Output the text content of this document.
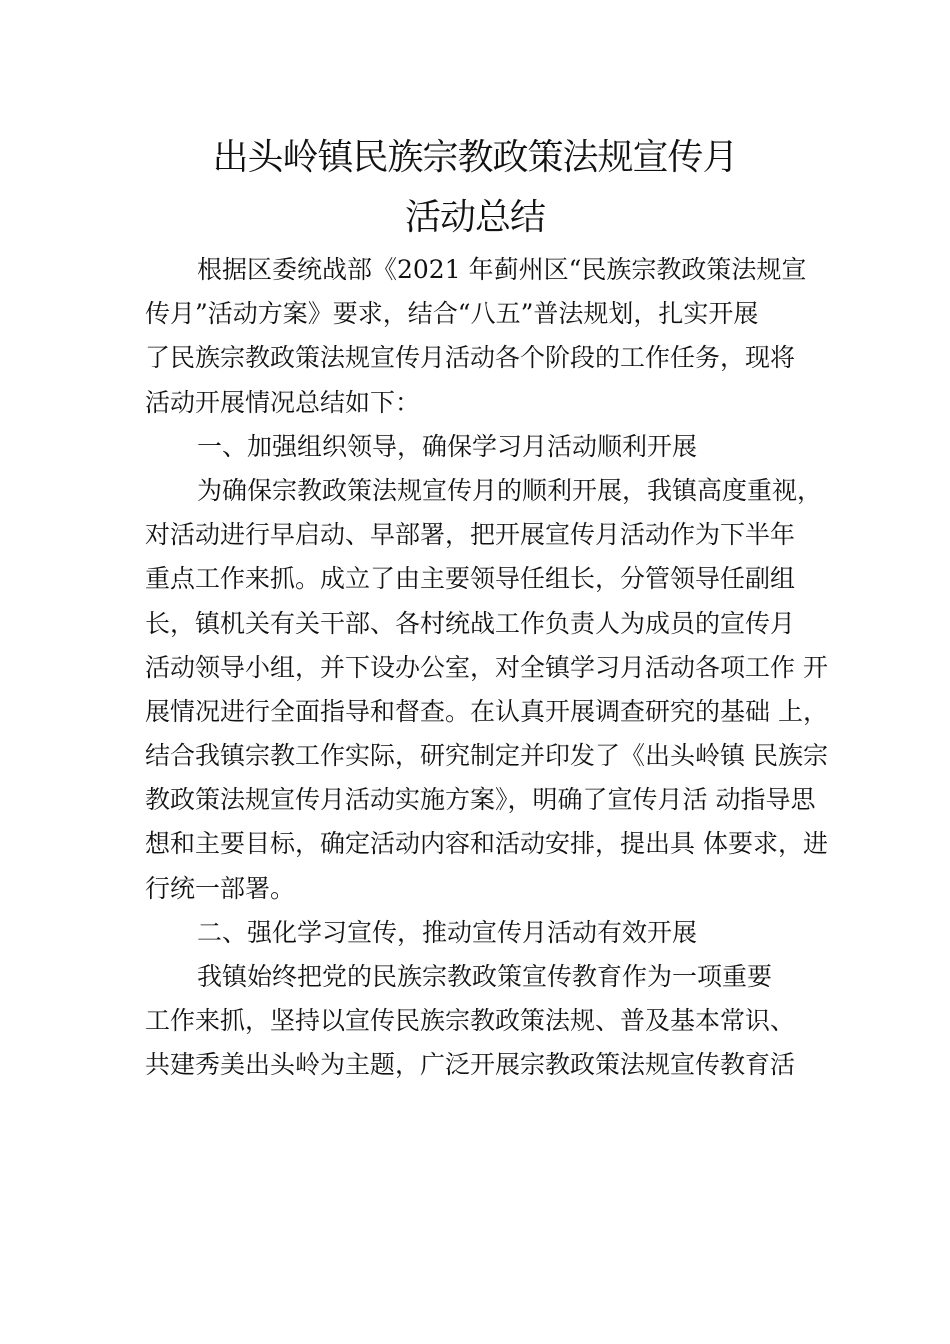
出头岭镇民族宗教政策法规宣传月
活动总结
根据区委统战部《2021 年蓟州区“民族宗教政策法规宣
传月”活动方案》要求，结合“八五”普法规划，扎实开展
了民族宗教政策法规宣传月活动各个阶段的工作任务，现将
活动开展情况总结如下：
一、加强组织领导，确保学习月活动顺利开展
为确保宗教政策法规宣传月的顺利开展，我镇高度重视，
对活动进行早启动、早部署，把开展宣传月活动作为下半年
重点工作来抓。成立了由主要领导任组长，分管领导任副组
长，镇机关有关干部、各村统战工作负责人为成员的宣传月
活动领导小组，并下设办公室，对全镇学习月活动各项工作 开
展情况进行全面指导和督查。在认真开展调查研究的基础 上，
结合我镇宗教工作实际，研究制定并印发了《出头岭镇 民族宗
教政策法规宣传月活动实施方案》，明确了宣传月活 动指导思
想和主要目标，确定活动内容和活动安排，提出具 体要求，进
行统一部署。
二、强化学习宣传，推动宣传月活动有效开展
我镇始终把党的民族宗教政策宣传教育作为一项重要
工作来抓，坚持以宣传民族宗教政策法规、普及基本常识、
共建秀美出头岭为主题，广泛开展宗教政策法规宣传教育活
